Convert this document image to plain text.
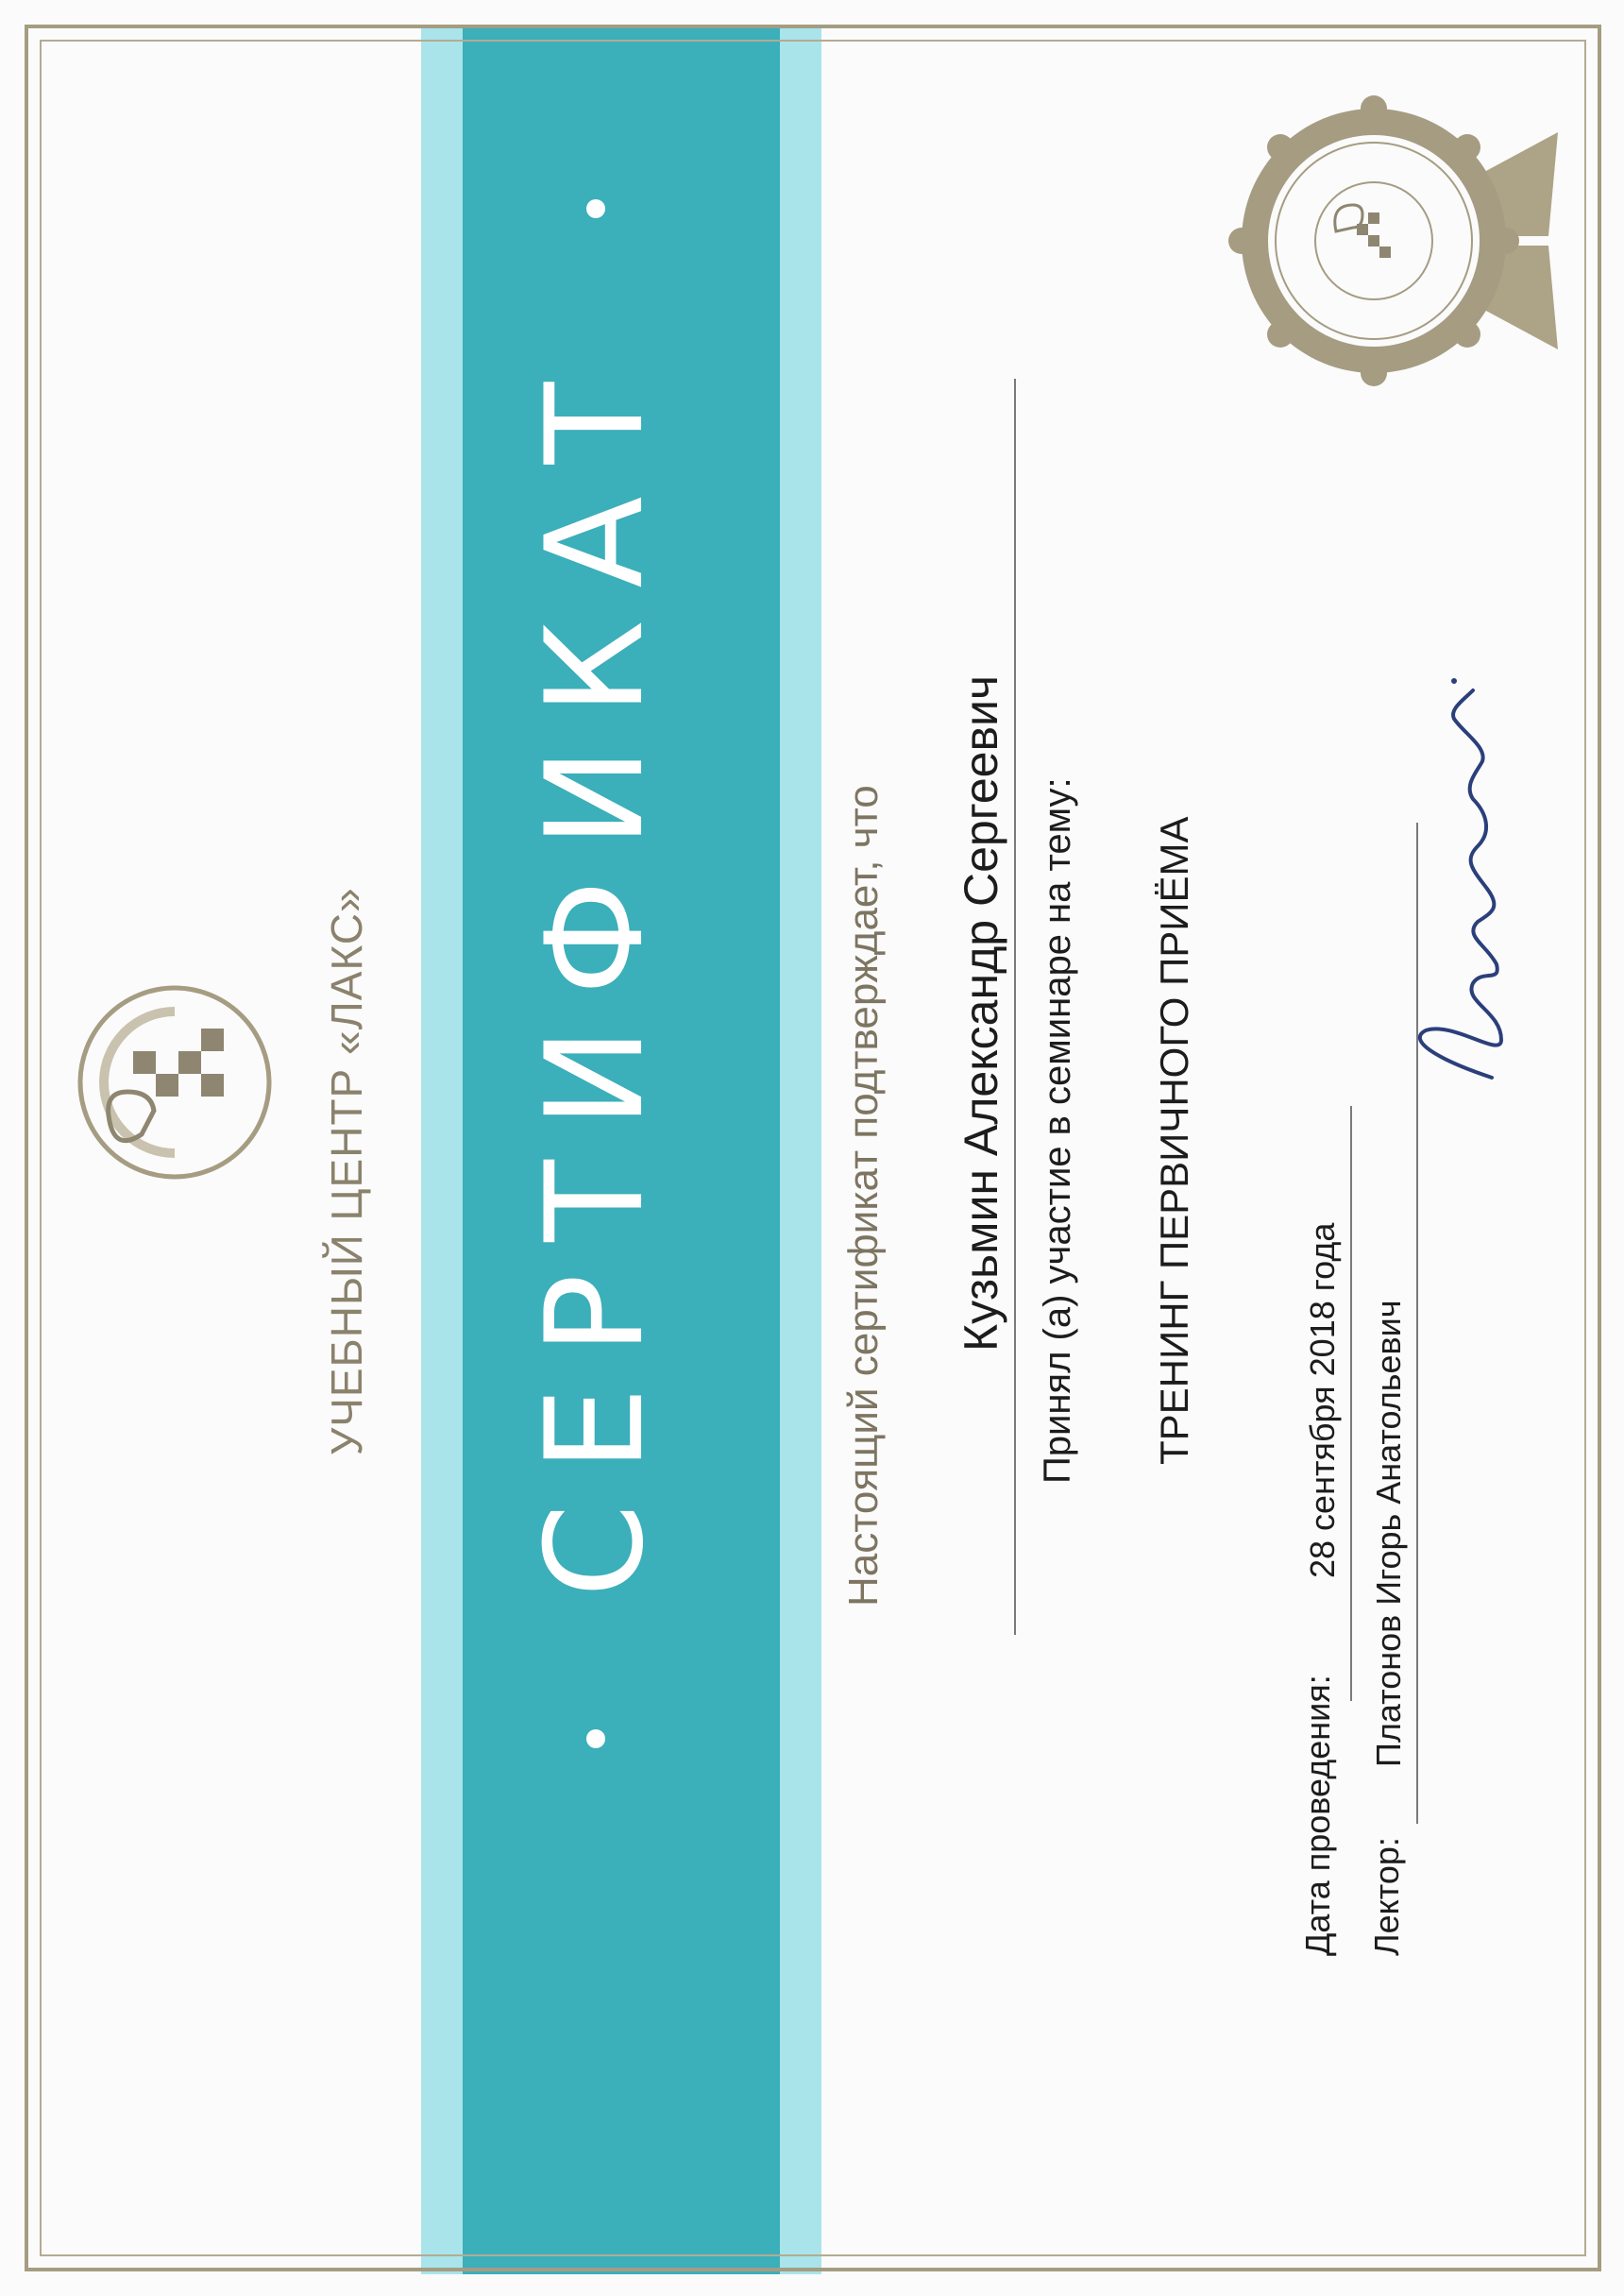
УЧЕБНЫЙ ЦЕНТР «ЛАКС» СЕРТИФИКАТ	Настоящий сертификат подтверждает, что Кузьмин Александр Сергеевич Принял (а) участие в семинаре на тему: ТРЕНИНГ ПЕРВИЧНОГО ПРИЁМА
Дата проведения:
28 сентября 2018 года
Лектор:
Платонов Игорь Анатольевич
